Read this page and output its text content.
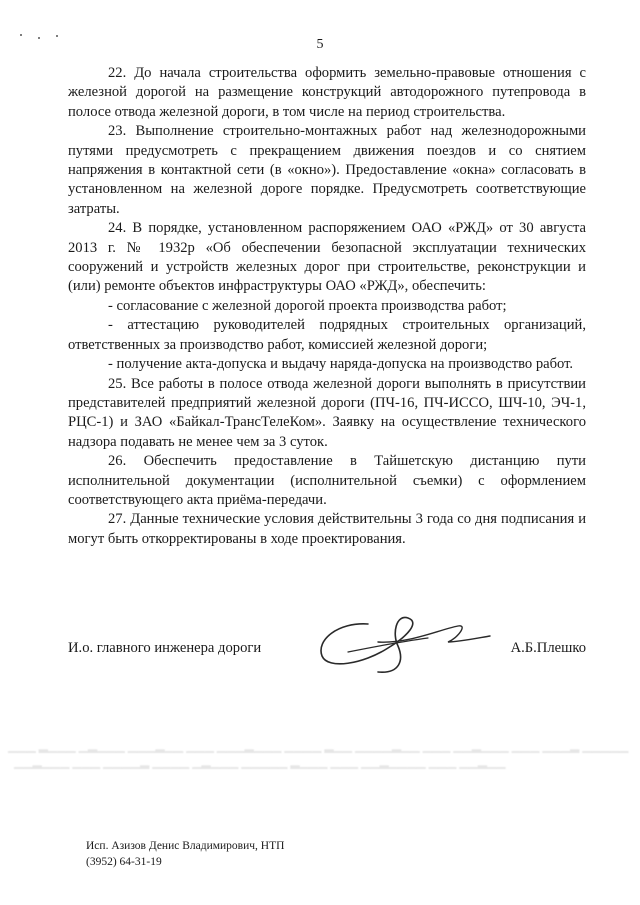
5

22. До начала строительства оформить земельно-правовые отношения с железной дорогой на размещение конструкций автодорожного путепровода в полосе отвода железной дороги, в том числе на период строительства.

23. Выполнение строительно-монтажных работ над железнодорожными путями предусмотреть с прекращением движения поездов и со снятием напряжения в контактной сети (в «окно»). Предоставление «окна» согласовать в установленном на железной дороге порядке. Предусмотреть соответствующие затраты.

24. В порядке, установленном распоряжением ОАО «РЖД» от 30 августа 2013 г. № 1932р «Об обеспечении безопасной эксплуатации технических сооружений и устройств железных дорог при строительстве, реконструкции и (или) ремонте объектов инфраструктуры ОАО «РЖД», обеспечить:

- согласование с железной дорогой проекта производства работ;

- аттестацию руководителей подрядных строительных организаций, ответственных за производство работ, комиссией железной дороги;

- получение акта-допуска и выдачу наряда-допуска на производство работ.

25. Все работы в полосе отвода железной дороги выполнять в присутствии представителей предприятий железной дороги (ПЧ-16, ПЧ-ИССО, ШЧ-10, ЭЧ-1, РЦС-1) и ЗАО «Байкал-ТрансТелеКом». Заявку на осуществление технического надзора подавать не менее чем за 3 суток.

26. Обеспечить предоставление в Тайшетскую дистанцию пути исполнительной документации (исполнительной съемки) с оформлением соответствующего акта приёма-передачи.

27. Данные технические условия действительны 3 года со дня подписания и могут быть откорректированы в ходе проектирования.

И.о. главного инженера дороги	А.Б.Плешко
▁▁▁ ▂▁▁▁ ▁▂▁▁▁ ▁▁▁▂▁▁ ▁▁▁ ▁▁▁▂▁▁▁ ▁▁▁▁ ▂▁▁ ▁▁▁▁▂▁▁ ▁▁▁ ▁▁▂▁▁▁ ▁▁▁ ▁▁▁▂ ▁▁▁▁▁
▁▁▂▁▁▁ ▁▁▁ ▁▁▁▁▂ ▁▁▁▁ ▁▂▁▁▁ ▁▁▁▁▁ ▂▁▁▁ ▁▁▁ ▁▁▂▁▁▁▁ ▁▁▁ ▁▁▂▁▁
Исп. Азизов Денис Владимирович, НТП
(3952) 64-31-19
